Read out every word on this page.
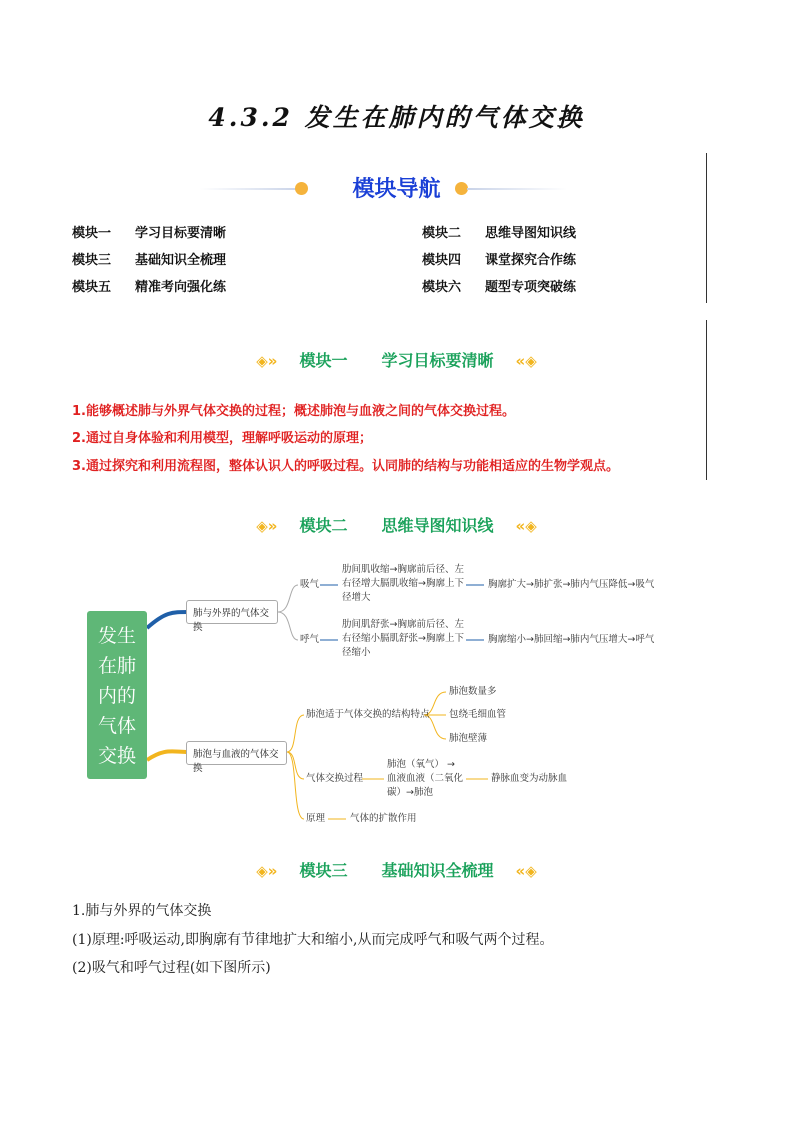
4.3.2 发生在肺内的气体交换
模块导航
模块一 学习目标要清晰	模块二 思维导图知识线
模块三 基础知识全梳理	模块四 课堂探究合作练
模块五 精准考向强化练	模块六 题型专项突破练
◈» 模块一 学习目标要清晰 «◈
1.能够概述肺与外界气体交换的过程；概述肺泡与血液之间的气体交换过程。
2.通过自身体验和利用模型，理解呼吸运动的原理；
3.通过探究和利用流程图，整体认识人的呼吸过程。认同肺的结构与功能相适应的生物学观点。
◈» 模块二 思维导图知识线 «◈
发生
在肺
内的
气体
交换
肺与外界的气体交换
吸气
肋间肌收缩→胸廓前后径、左
右径增大膈肌收缩→胸廓上下
径增大
胸廓扩大→肺扩张→肺内气压降低→吸气
呼气
肋间肌舒张→胸廓前后径、左
右径缩小膈肌舒张→胸廓上下
径缩小
胸廓缩小→肺回缩→肺内气压增大→呼气
肺泡与血液的气体交换
肺泡适于气体交换的结构特点
肺泡数量多
包绕毛细血管
肺泡壁薄
气体交换过程
肺泡（氧气） →
血液血液（二氧化
碳）→肺泡
静脉血变为动脉血
原理	气体的扩散作用
◈» 模块三 基础知识全梳理 «◈
1.肺与外界的气体交换
(1)原理:呼吸运动,即胸廓有节律地扩大和缩小,从而完成呼气和吸气两个过程。
(2)吸气和呼气过程(如下图所示)
